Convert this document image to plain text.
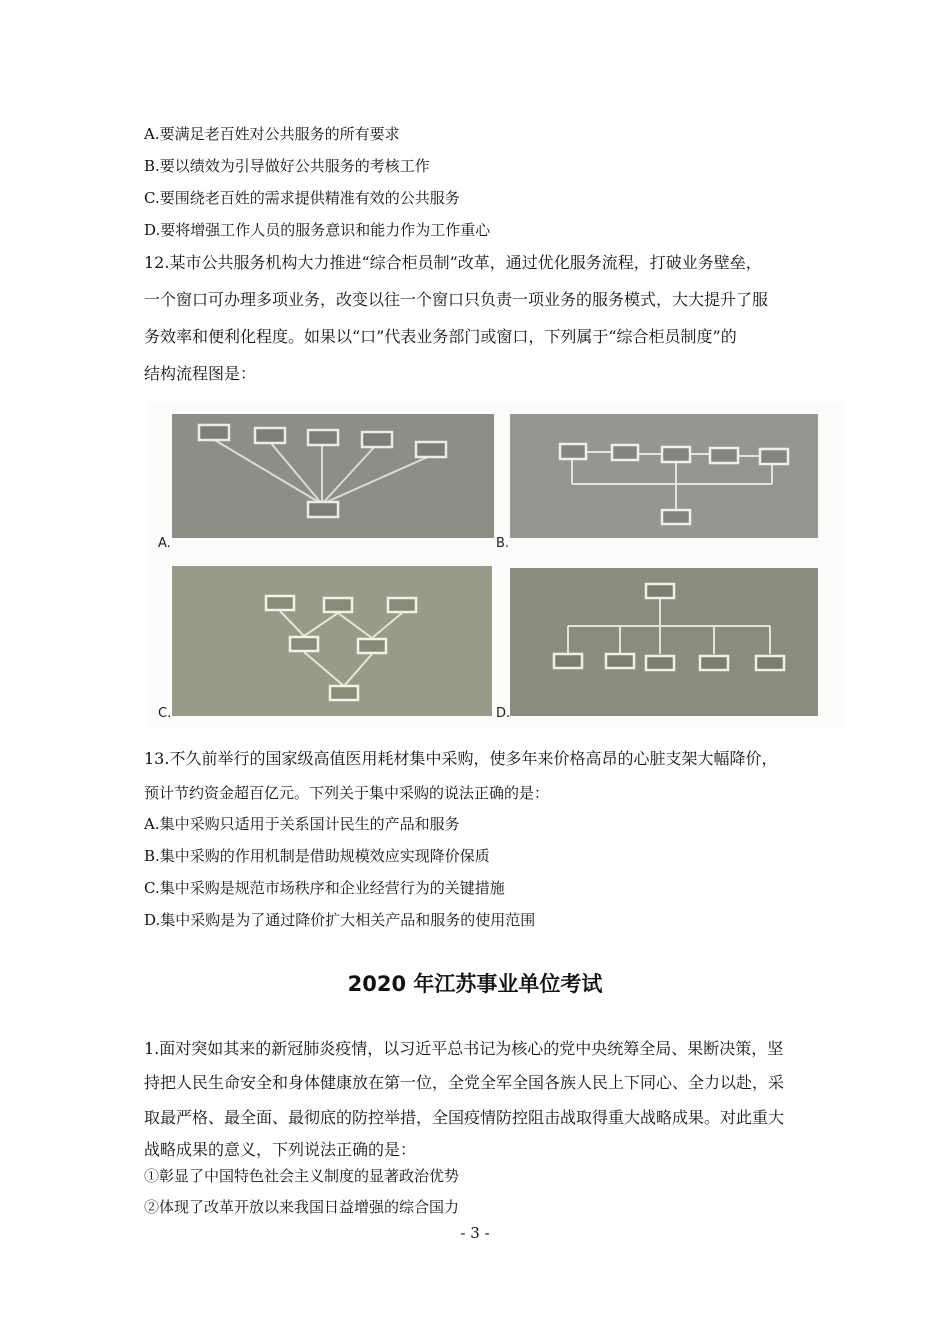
A.要满足老百姓对公共服务的所有要求
B.要以绩效为引导做好公共服务的考核工作
C.要围绕老百姓的需求提供精准有效的公共服务
D.要将增强工作人员的服务意识和能力作为工作重心
12.某市公共服务机构大力推进“综合柜员制”改革，通过优化服务流程，打破业务壁垒，
一个窗口可办理多项业务，改变以往一个窗口只负责一项业务的服务模式，大大提升了服
务效率和便利化程度。如果以“口”代表业务部门或窗口，下列属于“综合柜员制度”的
结构流程图是：
A.	B.
C.	D.
13.不久前举行的国家级高值医用耗材集中采购，使多年来价格高昂的心脏支架大幅降价，
预计节约资金超百亿元。下列关于集中采购的说法正确的是：
A.集中采购只适用于关系国计民生的产品和服务
B.集中采购的作用机制是借助规模效应实现降价保质
C.集中采购是规范市场秩序和企业经营行为的关键措施
D.集中采购是为了通过降价扩大相关产品和服务的使用范围
2020 年江苏事业单位考试
1.面对突如其来的新冠肺炎疫情，以习近平总书记为核心的党中央统筹全局、果断决策，坚
持把人民生命安全和身体健康放在第一位，全党全军全国各族人民上下同心、全力以赴，采
取最严格、最全面、最彻底的防控举措，全国疫情防控阻击战取得重大战略成果。对此重大
战略成果的意义，下列说法正确的是：
①彰显了中国特色社会主义制度的显著政治优势
②体现了改革开放以来我国日益增强的综合国力
- 3 -
